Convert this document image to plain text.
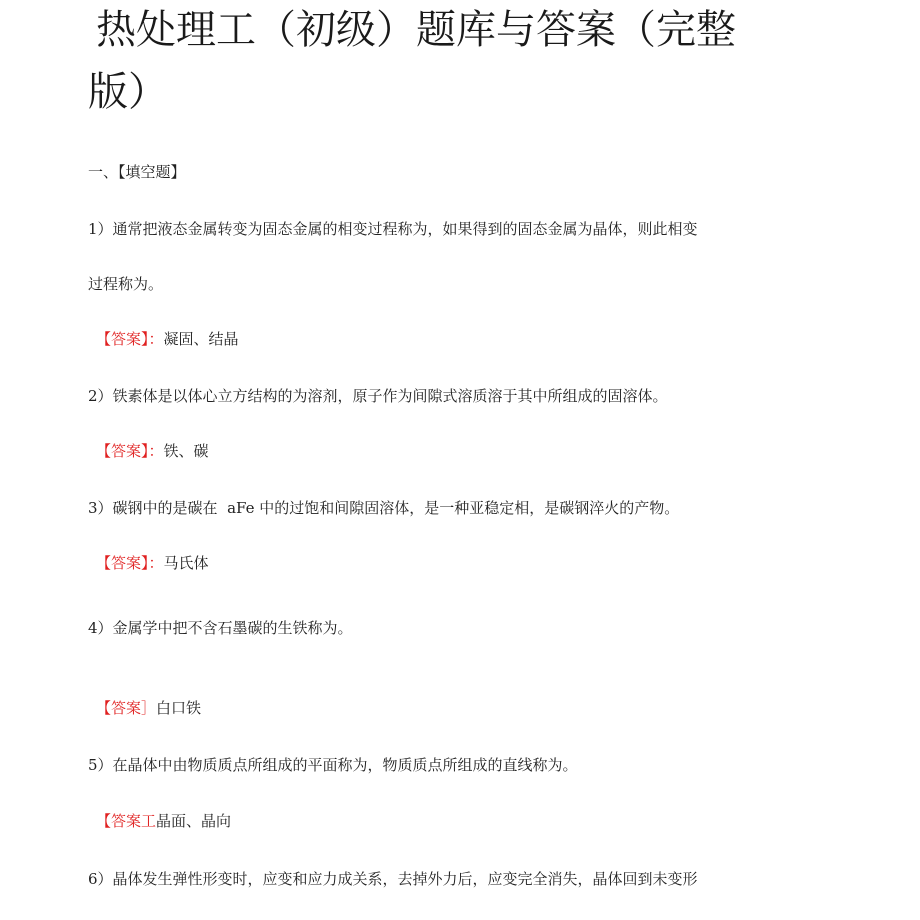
热处理工（初级）题库与答案（完整
版）
一、【填空题】
1）通常把液态金属转变为固态金属的相变过程称为，如果得到的固态金属为晶体，则此相变
过程称为。
【答案】：凝固、结晶
2）铁素体是以体心立方结构的为溶剂，原子作为间隙式溶质溶于其中所组成的固溶体。
【答案】：铁、碳
3）碳钢中的是碳在  aFe 中的过饱和间隙固溶体，是一种亚稳定相，是碳钢淬火的产物。
【答案】：马氏体
4）金属学中把不含石墨碳的生铁称为。
【答案］白口铁
5）在晶体中由物质质点所组成的平面称为，物质质点所组成的直线称为。
【答案工晶面、晶向
6）晶体发生弹性形变时，应变和应力成关系，去掉外力后，应变完全消失，晶体回到未变形
